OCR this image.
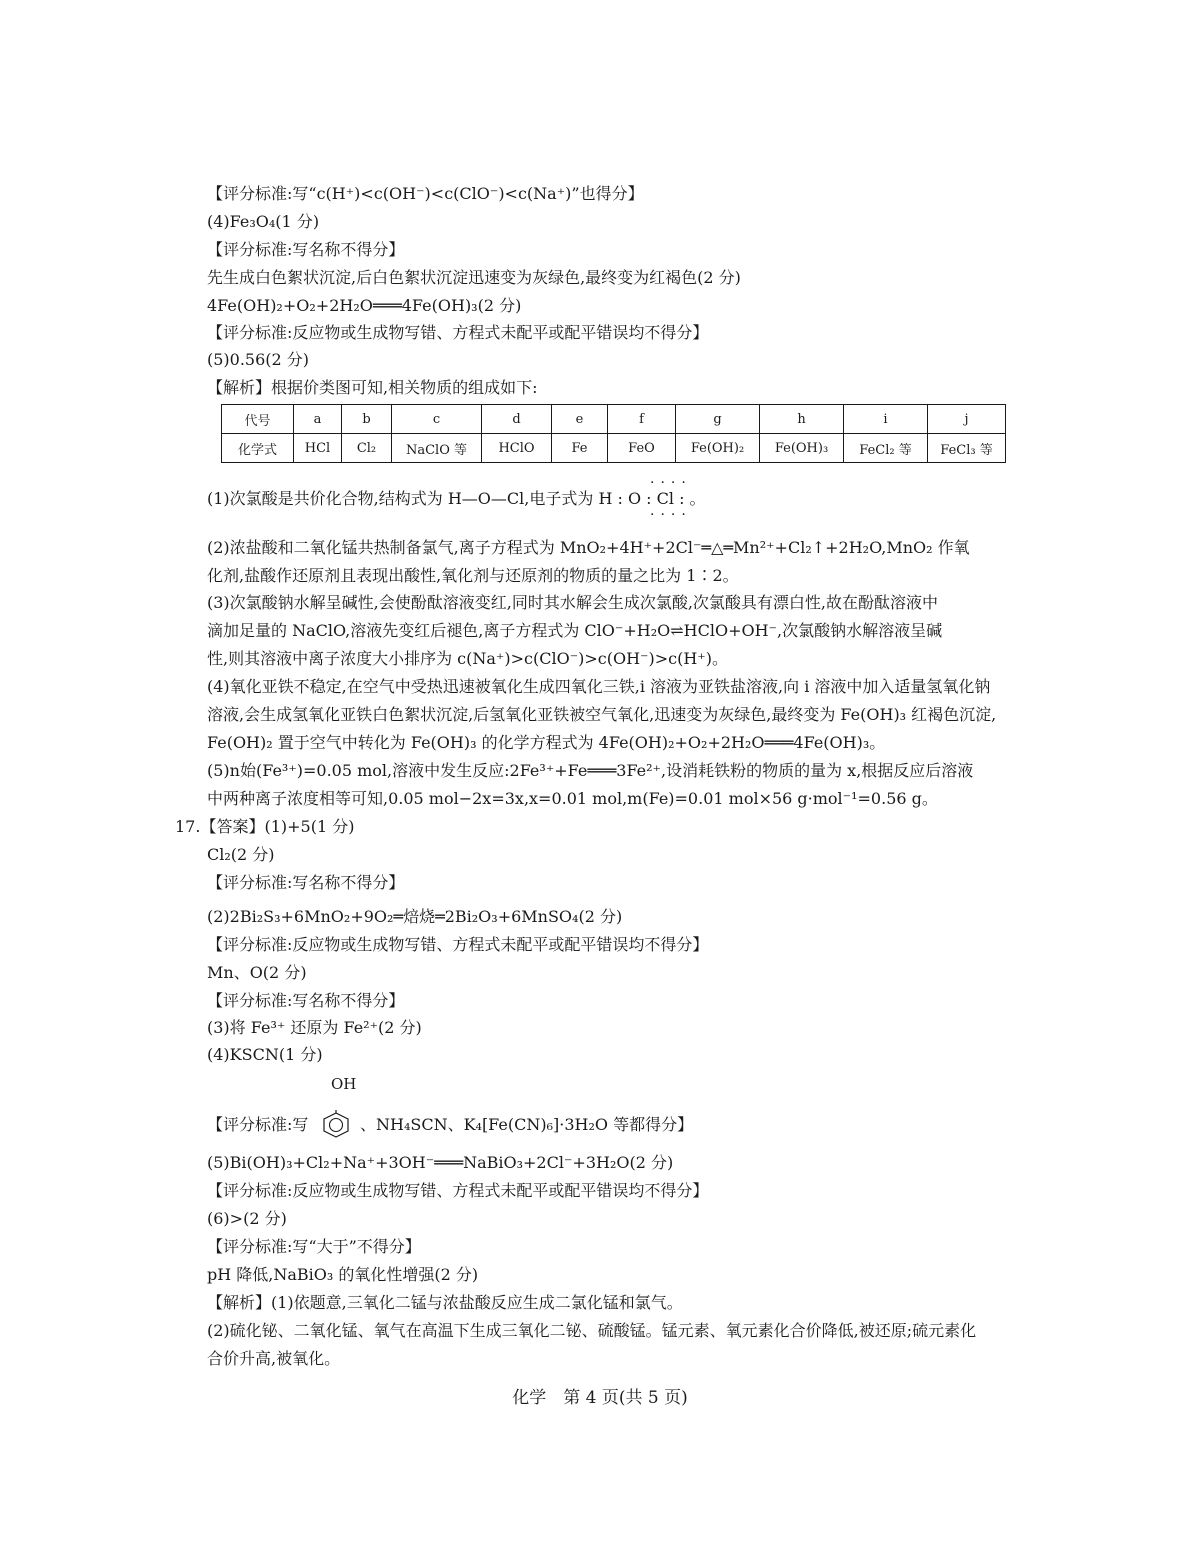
【评分标准:写“c(H⁺)<c(OH⁻)<c(ClO⁻)<c(Na⁺)”也得分】
(4)Fe₃O₄(1 分)
【评分标准:写名称不得分】
先生成白色絮状沉淀,后白色絮状沉淀迅速变为灰绿色,最终变为红褐色(2 分)
4Fe(OH)₂+O₂+2H₂O═══4Fe(OH)₃(2 分)
【评分标准:反应物或生成物写错、方程式未配平或配平错误均不得分】
(5)0.56(2 分)
【解析】根据价类图可知,相关物质的组成如下:
代号	a	b	c	d	e	f	g	h	i	j
化学式	HCl	Cl₂	NaClO 等	HClO	Fe	FeO	Fe(OH)₂	Fe(OH)₃	FeCl₂ 等	FeCl₃ 等
(1)次氯酸是共价化合物,结构式为 H—O—Cl,电子式为 H : O : Cl : 。
····
····
(2)浓盐酸和二氧化锰共热制备氯气,离子方程式为 MnO₂+4H⁺+2Cl⁻═△═Mn²⁺+Cl₂↑+2H₂O,MnO₂ 作氧
化剂,盐酸作还原剂且表现出酸性,氧化剂与还原剂的物质的量之比为 1∶2。
(3)次氯酸钠水解呈碱性,会使酚酞溶液变红,同时其水解会生成次氯酸,次氯酸具有漂白性,故在酚酞溶液中
滴加足量的 NaClO,溶液先变红后褪色,离子方程式为 ClO⁻+H₂O⇌HClO+OH⁻,次氯酸钠水解溶液呈碱
性,则其溶液中离子浓度大小排序为 c(Na⁺)>c(ClO⁻)>c(OH⁻)>c(H⁺)。
(4)氧化亚铁不稳定,在空气中受热迅速被氧化生成四氧化三铁,i 溶液为亚铁盐溶液,向 i 溶液中加入适量氢氧化钠
溶液,会生成氢氧化亚铁白色絮状沉淀,后氢氧化亚铁被空气氧化,迅速变为灰绿色,最终变为 Fe(OH)₃ 红褐色沉淀,
Fe(OH)₂ 置于空气中转化为 Fe(OH)₃ 的化学方程式为 4Fe(OH)₂+O₂+2H₂O═══4Fe(OH)₃。
(5)n始(Fe³⁺)=0.05 mol,溶液中发生反应:2Fe³⁺+Fe═══3Fe²⁺,设消耗铁粉的物质的量为 x,根据反应后溶液
中两种离子浓度相等可知,0.05 mol−2x=3x,x=0.01 mol,m(Fe)=0.01 mol×56 g·mol⁻¹=0.56 g。
17.【答案】(1)+5(1 分)
Cl₂(2 分)
【评分标准:写名称不得分】
(2)2Bi₂S₃+6MnO₂+9O₂═焙烧═2Bi₂O₃+6MnSO₄(2 分)
【评分标准:反应物或生成物写错、方程式未配平或配平错误均不得分】
Mn、O(2 分)
【评分标准:写名称不得分】
(3)将 Fe³⁺ 还原为 Fe²⁺(2 分)
(4)KSCN(1 分)
OH
【评分标准:写	、NH₄SCN、K₄[Fe(CN)₆]·3H₂O 等都得分】
(5)Bi(OH)₃+Cl₂+Na⁺+3OH⁻═══NaBiO₃+2Cl⁻+3H₂O(2 分)
【评分标准:反应物或生成物写错、方程式未配平或配平错误均不得分】
(6)>(2 分)
【评分标准:写“大于”不得分】
pH 降低,NaBiO₃ 的氧化性增强(2 分)
【解析】(1)依题意,三氧化二锰与浓盐酸反应生成二氯化锰和氯气。
(2)硫化铋、二氧化锰、氧气在高温下生成三氧化二铋、硫酸锰。锰元素、氧元素化合价降低,被还原;硫元素化
合价升高,被氧化。
化学　第 4 页(共 5 页)
